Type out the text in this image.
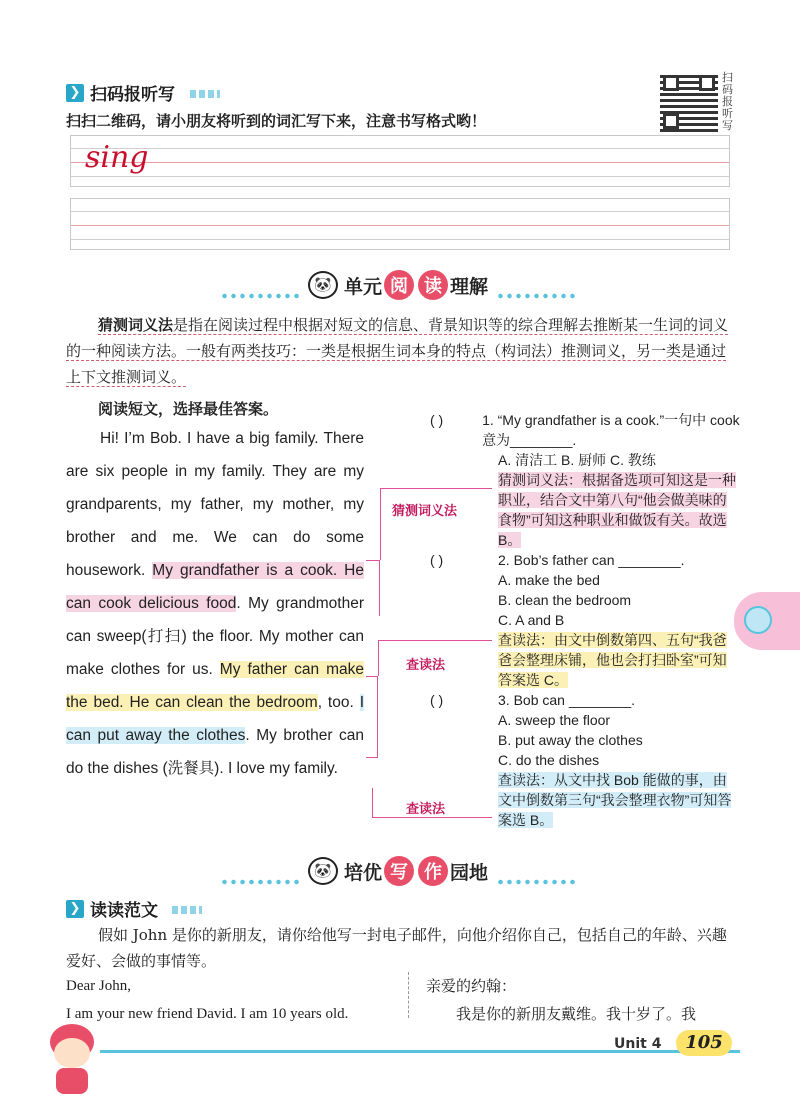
❯ 扫码报听写
扫码报听写
扫扫二维码，请小朋友将听到的词汇写下来，注意书写格式哟！
sing
🐼 单元 阅 读 理解
猜测词义法是指在阅读过程中根据对短文的信息、背景知识等的综合理解去推断某一生词的词义的一种阅读方法。一般有两类技巧：一类是根据生词本身的特点（构词法）推测词义，另一类是通过上下文推测词义。
阅读短文，选择最佳答案。
Hi! I’m Bob. I have a big family. There are six people in my family. They are my grandparents, my father, my mother, my brother and me. We can do some housework. My grandfather is a cook. He can cook delicious food. My grandmother can sweep(打扫) the floor. My mother can make clothes for us. My father can make the bed. He can clean the bedroom, too. I can put away the clothes. My brother can do the dishes (洗餐具). I love my family.
猜测词义法
查读法
查读法
( )	1. “My grandfather is a cook.”一句中 cook 意为________.
A. 清洁工 B. 厨师 C. 教练
猜测词义法：根据备选项可知这是一种职业，结合文中第八句“他会做美味的食物”可知这种职业和做饭有关。故选 B。
( )	2. Bob’s father can ________.
A. make the bed
B. clean the bedroom
C. A and B
查读法：由文中倒数第四、五句“我爸爸会整理床铺，他也会打扫卧室”可知答案选 C。
( )	3. Bob can ________.
A. sweep the floor
B. put away the clothes
C. do the dishes
查读法：从文中找 Bob 能做的事，由文中倒数第三句“我会整理衣物”可知答案选 B。
🐼 培优 写 作 园地
❯ 读读范文
假如 John 是你的新朋友，请你给他写一封电子邮件，向他介绍你自己，包括自己的年龄、兴趣爱好、会做的事情等。
Dear John,
I am your new friend David. I am 10 years old.
亲爱的约翰：
我是你的新朋友戴维。我十岁了。我
Unit 4	105
